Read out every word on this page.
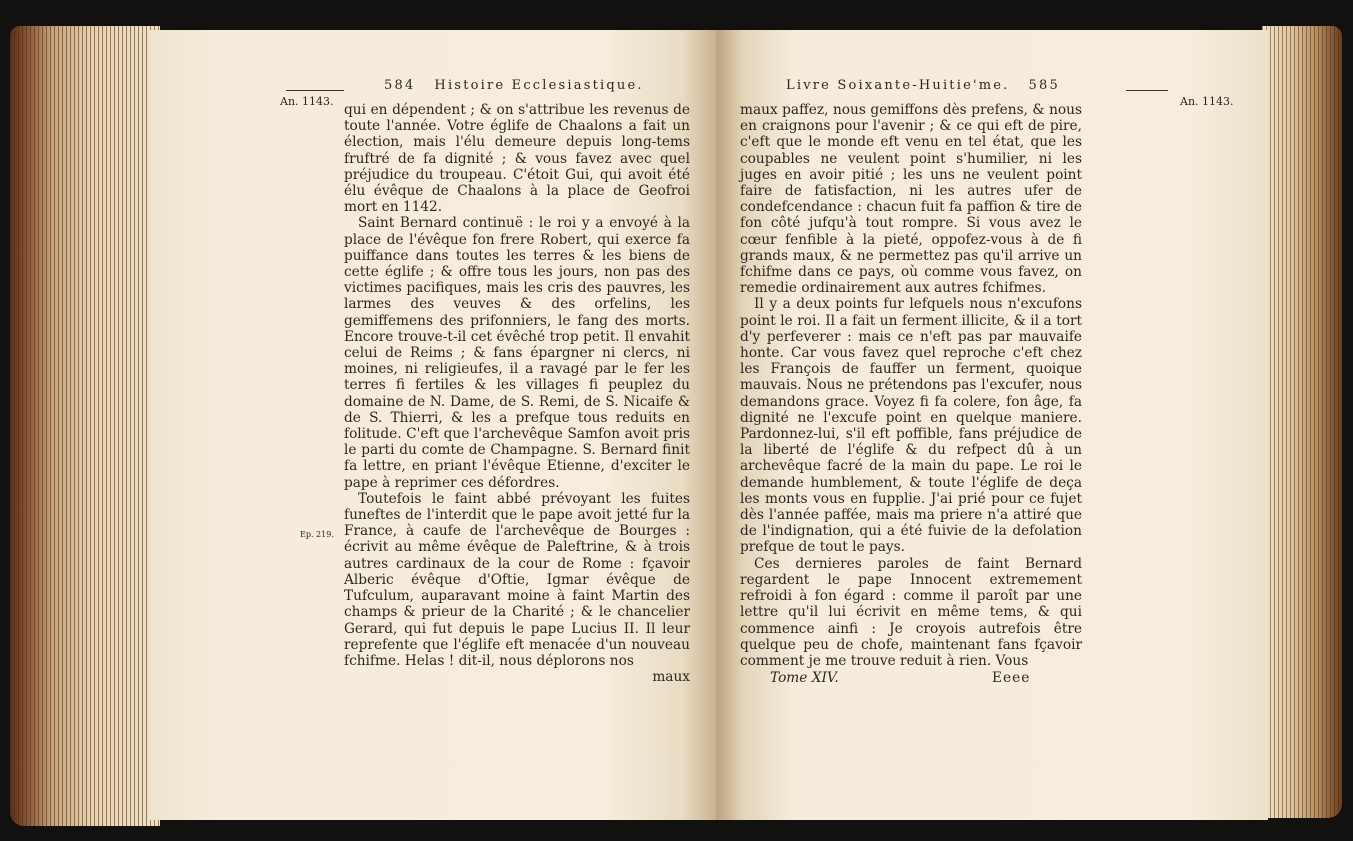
584 Histoire Ecclesiastique.
An. 1143.
Ep. 219.

qui en dépendent ; & on s'attribue les revenus de toute l'année. Votre églife de Chaalons a fait un élection, mais l'élu demeure depuis long-tems fruftré de fa dignité ; & vous favez avec quel préjudice du troupeau. C'étoit Gui, qui avoit été élu évêque de Chaalons à la place de Geofroi mort en 1142.

Saint Bernard continuë : le roi y a envoyé à la place de l'évêque fon frere Robert, qui exerce fa puiffance dans toutes les terres & les biens de cette églife ; & offre tous les jours, non pas des victimes pacifiques, mais les cris des pauvres, les larmes des veuves & des orfelins, les gemiffemens des prifonniers, le fang des morts. Encore trouve-t-il cet évêché trop petit. Il envahit celui de Reims ; & fans épargner ni clercs, ni moines, ni religieufes, il a ravagé par le fer les terres fi fertiles & les villages fi peuplez du domaine de N. Dame, de S. Remi, de S. Nicaife & de S. Thierri, & les a prefque tous reduits en folitude. C'eft que l'archevêque Samfon avoit pris le parti du comte de Champagne. S. Bernard finit fa lettre, en priant l'évêque Etienne, d'exciter le pape à reprimer ces défordres.

Toutefois le faint abbé prévoyant les fuites funeftes de l'interdit que le pape avoit jetté fur la France, à caufe de l'archevêque de Bourges : écrivit au même évêque de Paleftrine, & à trois autres cardinaux de la cour de Rome : fçavoir Alberic évêque d'Oftie, Igmar évêque de Tufculum, auparavant moine à faint Martin des champs & prieur de la Charité ; & le chancelier Gerard, qui fut depuis le pape Lucius II. Il leur reprefente que l'églife eft menacée d'un nouveau fchifme. Helas ! dit-il, nous déplorons nos

maux

Livre Soixante-Huitie'me. 585
An. 1143.

maux paffez, nous gemiffons dès prefens, & nous en craignons pour l'avenir ; & ce qui eft de pire, c'eft que le monde eft venu en tel état, que les coupables ne veulent point s'humilier, ni les juges en avoir pitié ; les uns ne veulent point faire de fatisfaction, ni les autres ufer de condefcendance : chacun fuit fa paffion & tire de fon côté jufqu'à tout rompre. Si vous avez le cœur fenfible à la pieté, oppofez-vous à de fi grands maux, & ne permettez pas qu'il arrive un fchifme dans ce pays, où comme vous favez, on remedie ordinairement aux autres fchifmes.

Il y a deux points fur lefquels nous n'excufons point le roi. Il a fait un ferment illicite, & il a tort d'y perfeverer : mais ce n'eft pas par mauvaife honte. Car vous favez quel reproche c'eft chez les François de fauffer un ferment, quoique mauvais. Nous ne prétendons pas l'excufer, nous demandons grace. Voyez fi fa colere, fon âge, fa dignité ne l'excufe point en quelque maniere. Pardonnez-lui, s'il eft poffible, fans préjudice de la liberté de l'églife & du refpect dû à un archevêque facré de la main du pape. Le roi le demande humblement, & toute l'églife de deça les monts vous en fupplie. J'ai prié pour ce fujet dès l'année paffée, mais ma priere n'a attiré que de l'indignation, qui a été fuivie de la defolation prefque de tout le pays.

Ces dernieres paroles de faint Bernard regardent le pape Innocent extremement refroidi à fon égard : comme il paroît par une lettre qu'il lui écrivit en même tems, & qui commence ainfi : Je croyois autrefois être quelque peu de chofe, maintenant fans fçavoir comment je me trouve reduit à rien. Vous

Tome XIV.	Eeee
